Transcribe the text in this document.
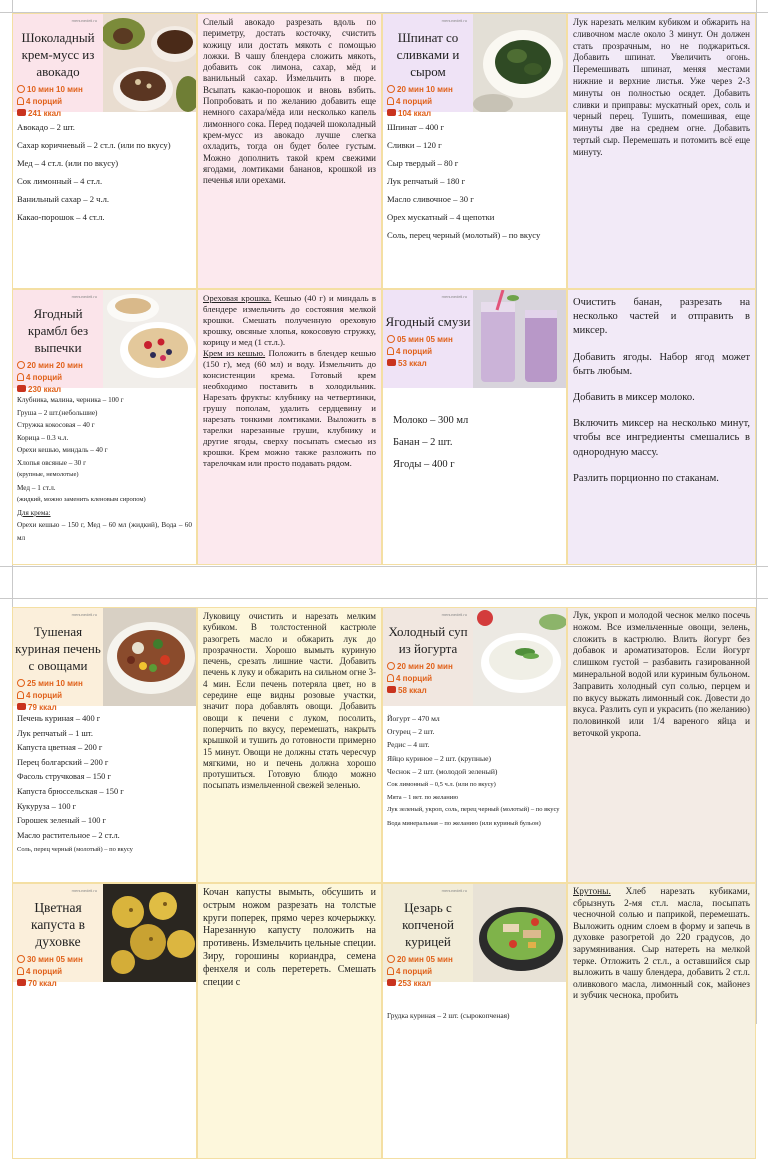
menunedeli.ru
Шоколадный крем-мусс из авокадо
10 мин 10 мин
4 порций
241 ккал
Авокадо – 2 шт.
Сахар коричневый – 2 ст.л. (или по вкусу)
Мед – 4 ст.л. (или по вкусу)
Сок лимонный – 4 ст.л.
Ванильный сахар – 2 ч.л.
Какао-порошок – 4 ст.л.
Спелый авокадо разрезать вдоль по периметру, достать косточку, счистить кожицу или достать мякоть с помощью ложки. В чашу блендера сложить мякоть, добавить сок лимона, сахар, мёд и ванильный сахар. Измельчить в пюре. Всыпать какао-порошок и вновь взбить. Попробовать и по желанию добавить еще немного сахара/мёда или несколько капель лимонного сока. Перед подачей шоколадный крем-мусс из авокадо лучше слегка охладить, тогда он будет более густым. Можно дополнить такой крем свежими ягодами, ломтиками бананов, крошкой из печенья или орехами.
menunedeli.ru
Шпинат со сливками и сыром
20 мин 10 мин
4 порций
104 ккал
Шпинат – 400 г
Сливки – 120 г
Сыр твердый – 80 г
Лук репчатый – 180 г
Масло сливочное – 30 г
Орех мускатный – 4 щепотки
Соль, перец черный (молотый) – по вкусу
Лук нарезать мелким кубиком и обжарить на сливочном масле около 3 минут. Он должен стать прозрачным, но не поджариться. Добавить шпинат. Увеличить огонь. Перемешивать шпинат, меняя местами нижние и верхние листья. Уже через 2-3 минуты он полностью осядет. Добавить сливки и приправы: мускатный орех, соль и черный перец. Тушить, помешивая, еще минуты две на среднем огне. Добавить тертый сыр. Перемешать и потомить всё еще минуту.
menunedeli.ru
Ягодный крамбл без выпечки
20 мин 20 мин
4 порций
230 ккал
Клубника, малина, черника – 100 г
Груша – 2 шт.(небольшие)
Стружка кокосовая – 40 г
Корица – 0.3 ч.л.
Орехи кешью, миндаль – 40 г
Хлопья овсяные – 30 г
(крупные, немолотые)
Мед – 1 ст.л.
(жидкий, можно заменить кленовым сиропом)
Для крема:
Орехи кешью – 150 г, Мед – 60 мл (жидкий), Вода – 60 мл
Ореховая крошка. Кешью (40 г) и миндаль в блендере измельчить до состояния мелкой крошки. Смешать полученную ореховую крошку, овсяные хлопья, кокосовую стружку, корицу и мед (1 ст.л.).
Крем из кешью. Положить в блендер кешью (150 г), мед (60 мл) и воду. Измельчить до консистенции крема. Готовый крем необходимо поставить в холодильник. Нарезать фрукты: клубнику на четвертинки, грушу пополам, удалить сердцевину и нарезать тонкими ломтиками. Выложить в тарелки нарезанные груши, клубнику и другие ягоды, сверху посыпать смесью из крошки. Крем можно также разложить по тарелочкам или просто подавать рядом.
menunedeli.ru
Ягодный смузи
05 мин 05 мин
4 порций
53 ккал
Молоко – 300 мл
Банан – 2 шт.
Ягоды – 400 г
Очистить банан, разрезать на несколько частей и отправить в миксер.
Добавить ягоды. Набор ягод может быть любым.
Добавить в миксер молоко.
Включить миксер на несколько минут, чтобы все ингредиенты смешались в однородную массу.
Разлить порционно по стаканам.
menunedeli.ru
Тушеная куриная печень с овощами
25 мин 10 мин
4 порций
79 ккал
Печень куриная – 400 г
Лук репчатый – 1 шт.
Капуста цветная – 200 г
Перец болгарский – 200 г
Фасоль стручковая – 150 г
Капуста брюссельская – 150 г
Кукуруза – 100 г
Горошек зеленый – 100 г
Масло растительное – 2 ст.л.
Соль, перец черный (молотый) – по вкусу
Луковицу очистить и нарезать мелким кубиком. В толстостенной кастрюле разогреть масло и обжарить лук до прозрачности. Хорошо вымыть куриную печень, срезать лишние части. Добавить печень к луку и обжарить на сильном огне 3-4 мин. Если печень потеряла цвет, но в середине еще видны розовые участки, значит пора добавлять овощи. Добавить овощи к печени с луком, посолить, поперчить по вкусу, перемешать, накрыть крышкой и тушить до готовности примерно 15 минут. Овощи не должны стать чересчур мягкими, но и печень должна хорошо протушиться. Готовую блюдо можно посыпать измельченной свежей зеленью.
menunedeli.ru
Холодный суп из йогурта
20 мин 20 мин
4 порций
58 ккал
Йогурт – 470 мл
Огурец – 2 шт.
Редис – 4 шт.
Яйцо куриное – 2 шт. (крупные)
Чеснок – 2 шт. (молодой зеленый)
Сок лимонный – 0,5 ч.л. (или по вкусу)
Мята – 1 вет. по желанию
Лук зеленый, укроп, соль, перец черный (молотый) – по вкусу
Вода минеральная – по желанию (или куриный бульон)
Лук, укроп и молодой чеснок мелко посечь ножом. Все измельченные овощи, зелень, сложить в кастрюлю. Влить йогурт без добавок и ароматизаторов. Если йогурт слишком густой – разбавить газированной минеральной водой или куриным бульоном. Заправить холодный суп солью, перцем и по вкусу выжать лимонный сок. Довести до вкуса. Разлить суп и украсить (по желанию) половинкой или 1/4 вареного яйца и веточкой укропа.
menunedeli.ru
Цветная капуста в духовке
30 мин 05 мин
4 порций
70 ккал
Кочан капусты вымыть, обсушить и острым ножом разрезать на толстые круги поперек, прямо через кочерыжку. Нарезанную капусту положить на противень. Измельчить цельные специи. Зиру, горошины кориандра, семена фенхеля и соль перетереть. Смешать специи с
menunedeli.ru
Цезарь с копченой курицей
20 мин 05 мин
4 порций
253 ккал
Грудка куриная – 2 шт. (сырокопченая)
Крутоны. Хлеб нарезать кубиками, сбрызнуть 2-мя ст.л. масла, посыпать чесночной солью и паприкой, перемешать. Выложить одним слоем в форму и запечь в духовке разогретой до 220 градусов, до зарумянивания. Сыр натереть на мелкой терке. Отложить 2 ст.л., а оставшийся сыр выложить в чашу блендера, добавить 2 ст.л. оливкового масла, лимонный сок, майонез и зубчик чеснока, пробить
